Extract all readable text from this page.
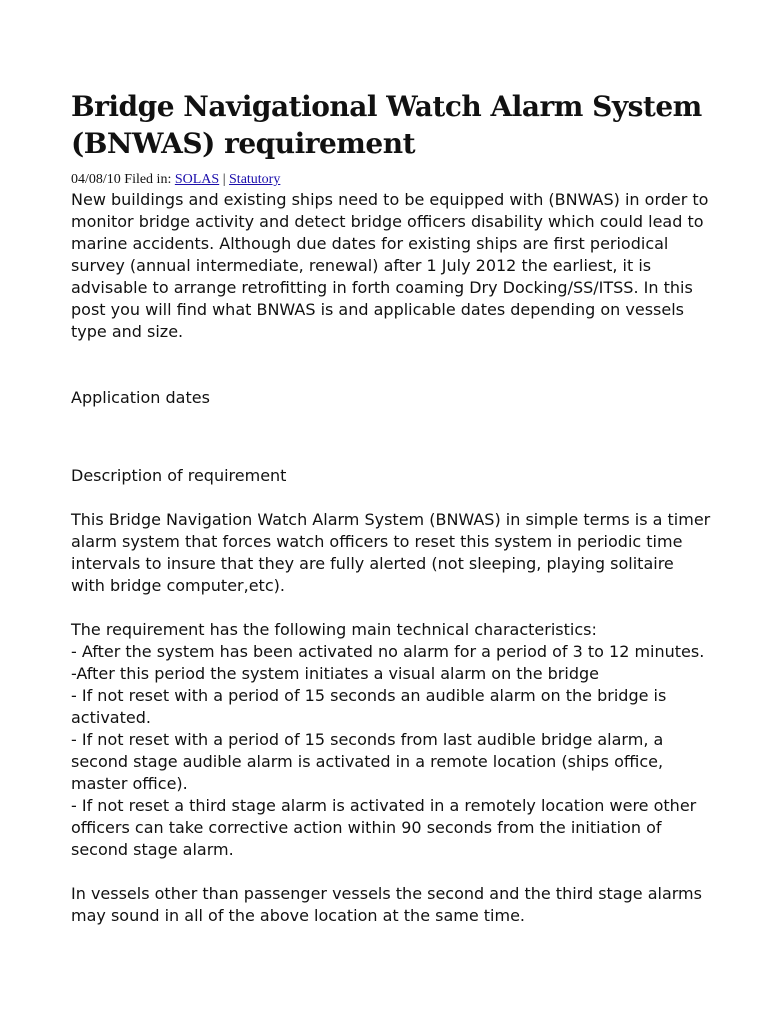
Bridge Navigational Watch Alarm System (BNWAS) requirement

04/08/10 Filed in: SOLAS | Statutory

New buildings and existing ships need to be equipped with (BNWAS) in order to monitor bridge activity and detect bridge officers disability which could lead to marine accidents. Although due dates for existing ships are first periodical survey (annual intermediate, renewal) after 1 July 2012 the earliest, it is advisable to arrange retrofitting in forth coaming Dry Docking/SS/ITSS. In this post you will find what BNWAS is and applicable dates depending on vessels type and size.

Application dates

Description of requirement

This Bridge Navigation Watch Alarm System (BNWAS) in simple terms is a timer alarm system that forces watch officers to reset this system in periodic time intervals to insure that they are fully alerted (not sleeping, playing solitaire with bridge computer,etc).

The requirement has the following main technical characteristics:

- After the system has been activated no alarm for a period of 3 to 12 minutes.

-After this period the system initiates a visual alarm on the bridge

- If not reset with a period of 15 seconds an audible alarm on the bridge is activated.

- If not reset with a period of 15 seconds from last audible bridge alarm, a second stage audible alarm is activated in a remote location (ships office, master office).

- If not reset a third stage alarm is activated in a remotely location were other officers can take corrective action within 90 seconds from the initiation of second stage alarm.

In vessels other than passenger vessels the second and the third stage alarms may sound in all of the above location at the same time.
